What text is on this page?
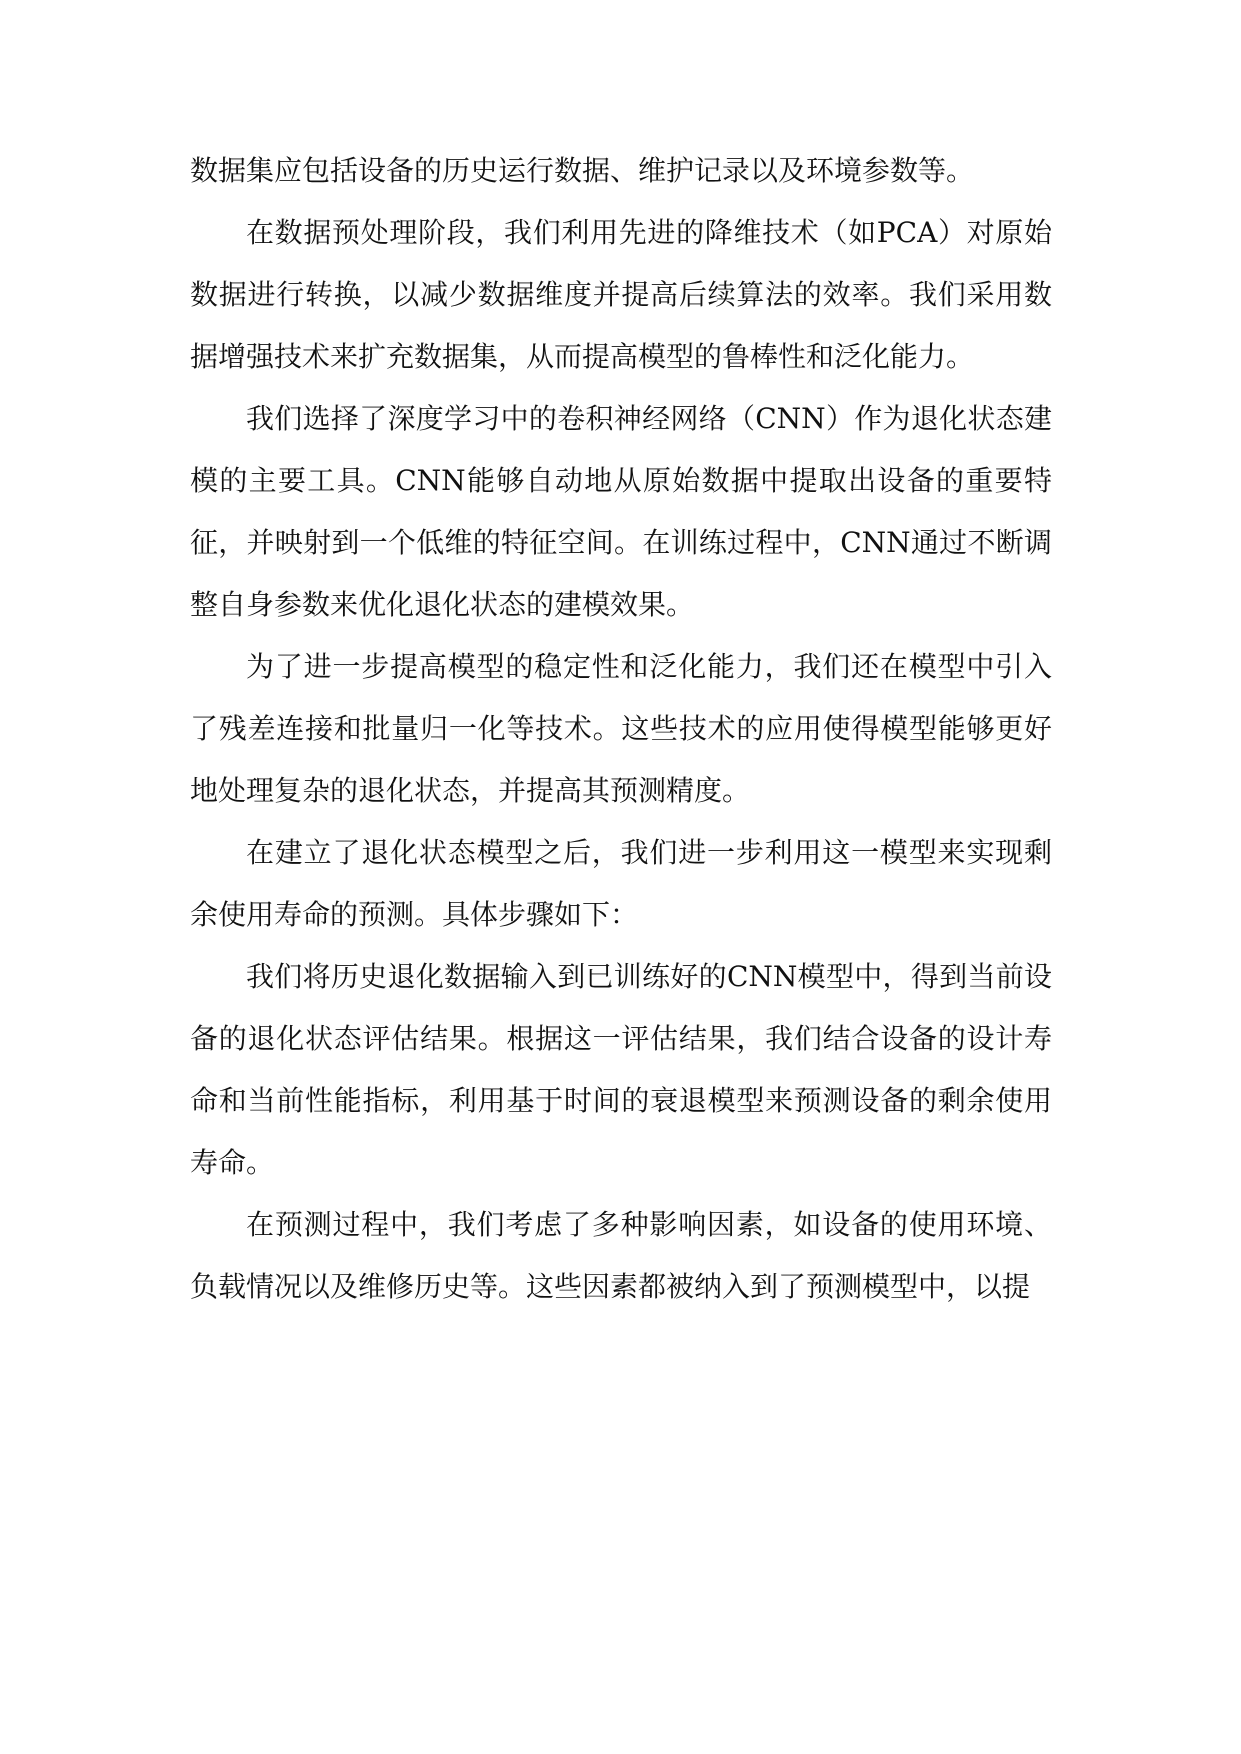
数据集应包括设备的历史运行数据、维护记录以及环境参数等。

在数据预处理阶段，我们利用先进的降维技术（如PCA）对原始数据进行转换，以减少数据维度并提高后续算法的效率。我们采用数据增强技术来扩充数据集，从而提高模型的鲁棒性和泛化能力。

我们选择了深度学习中的卷积神经网络（CNN）作为退化状态建模的主要工具。CNN能够自动地从原始数据中提取出设备的重要特征，并映射到一个低维的特征空间。在训练过程中，CNN通过不断调整自身参数来优化退化状态的建模效果。

为了进一步提高模型的稳定性和泛化能力，我们还在模型中引入了残差连接和批量归一化等技术。这些技术的应用使得模型能够更好地处理复杂的退化状态，并提高其预测精度。

在建立了退化状态模型之后，我们进一步利用这一模型来实现剩余使用寿命的预测。具体步骤如下：

我们将历史退化数据输入到已训练好的CNN模型中，得到当前设备的退化状态评估结果。根据这一评估结果，我们结合设备的设计寿命和当前性能指标，利用基于时间的衰退模型来预测设备的剩余使用寿命。

在预测过程中，我们考虑了多种影响因素，如设备的使用环境、负载情况以及维修历史等。这些因素都被纳入到了预测模型中，以提
